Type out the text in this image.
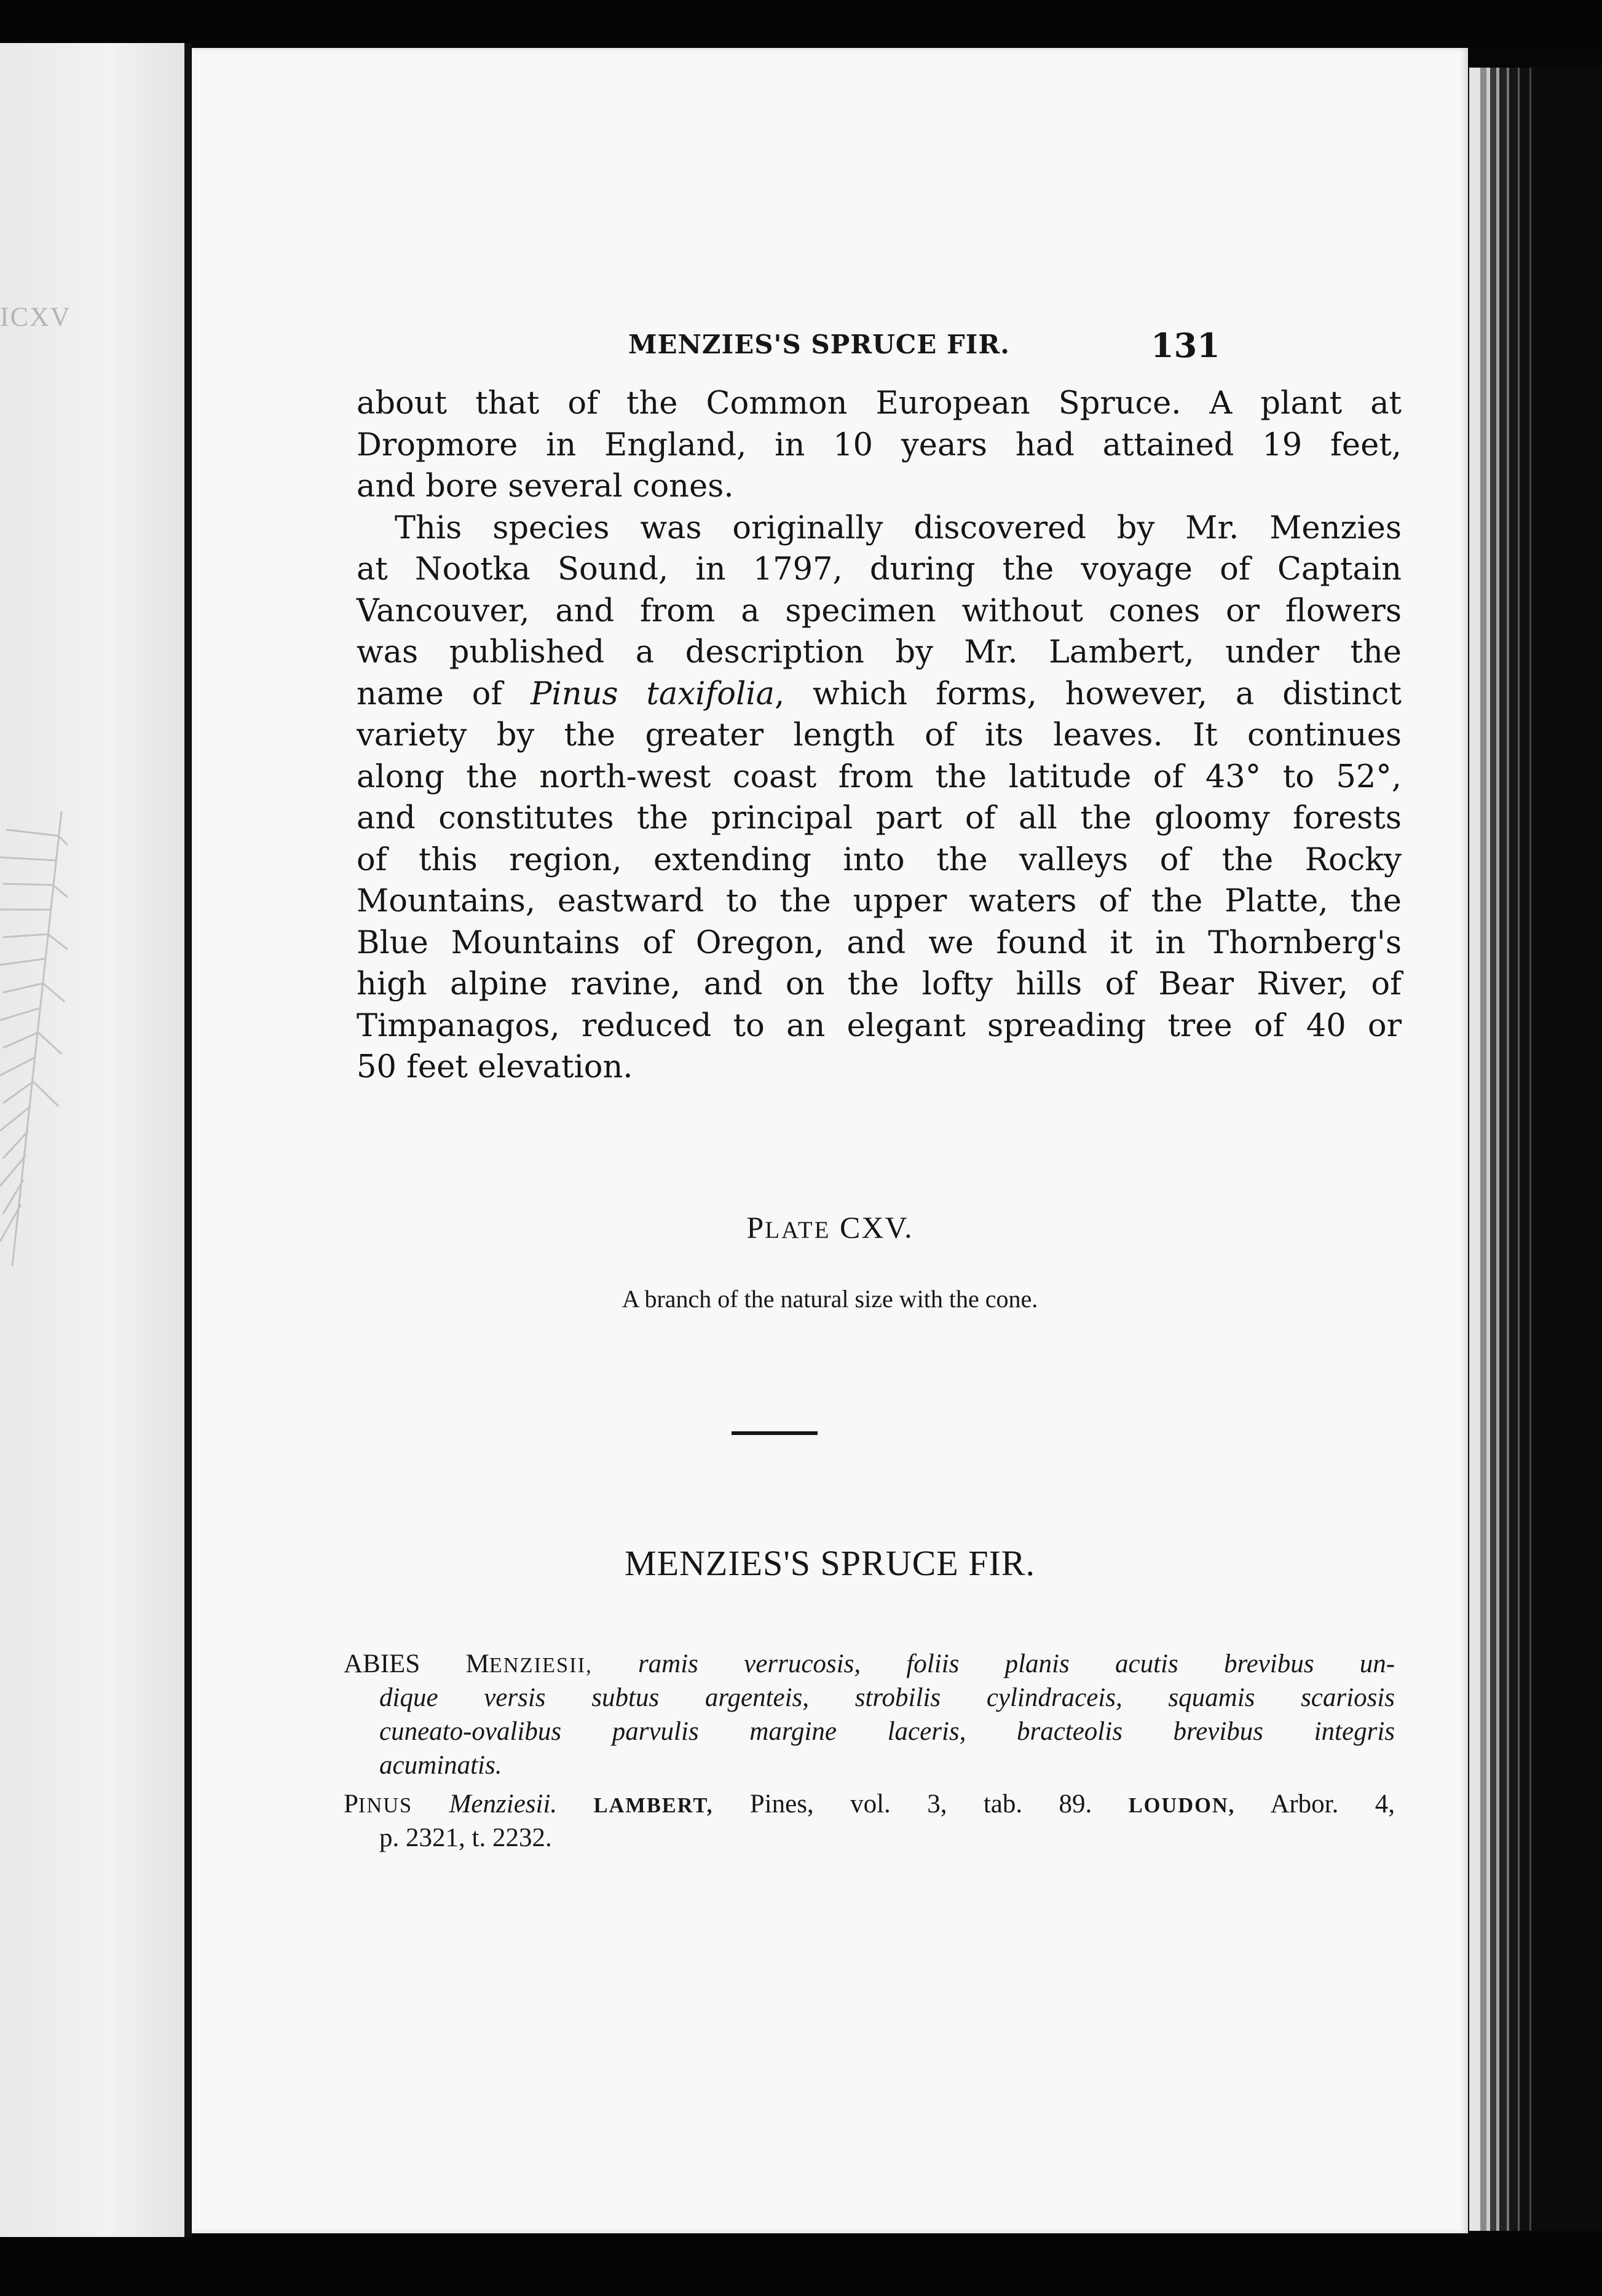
ICXV
MENZIES'S SPRUCE FIR.	131
about that of the Common European Spruce. A plant at
Dropmore in England, in 10 years had attained 19 feet,
and bore several cones.
This species was originally discovered by Mr. Menzies
at Nootka Sound, in 1797, during the voyage of Captain
Vancouver, and from a specimen without cones or flowers
was published a description by Mr. Lambert, under the
name of Pinus taxifolia, which forms, however, a distinct
variety by the greater length of its leaves. It continues
along the north-west coast from the latitude of 43° to 52°,
and constitutes the principal part of all the gloomy forests
of this region, extending into the valleys of the Rocky
Mountains, eastward to the upper waters of the Platte, the
Blue Mountains of Oregon, and we found it in Thornberg's
high alpine ravine, and on the lofty hills of Bear River, of
Timpanagos, reduced to an elegant spreading tree of 40 or
50 feet elevation.
PLATE CXV.
A branch of the natural size with the cone.
MENZIES'S SPRUCE FIR.
ABIES MENZIESII, ramis verrucosis, foliis planis acutis brevibus un-
dique versis subtus argenteis, strobilis cylindraceis, squamis scariosis
cuneato-ovalibus parvulis margine laceris, bracteolis brevibus integris
acuminatis.
PINUS Menziesii. LAMBERT, Pines, vol. 3, tab. 89. LOUDON, Arbor. 4,
p. 2321, t. 2232.
